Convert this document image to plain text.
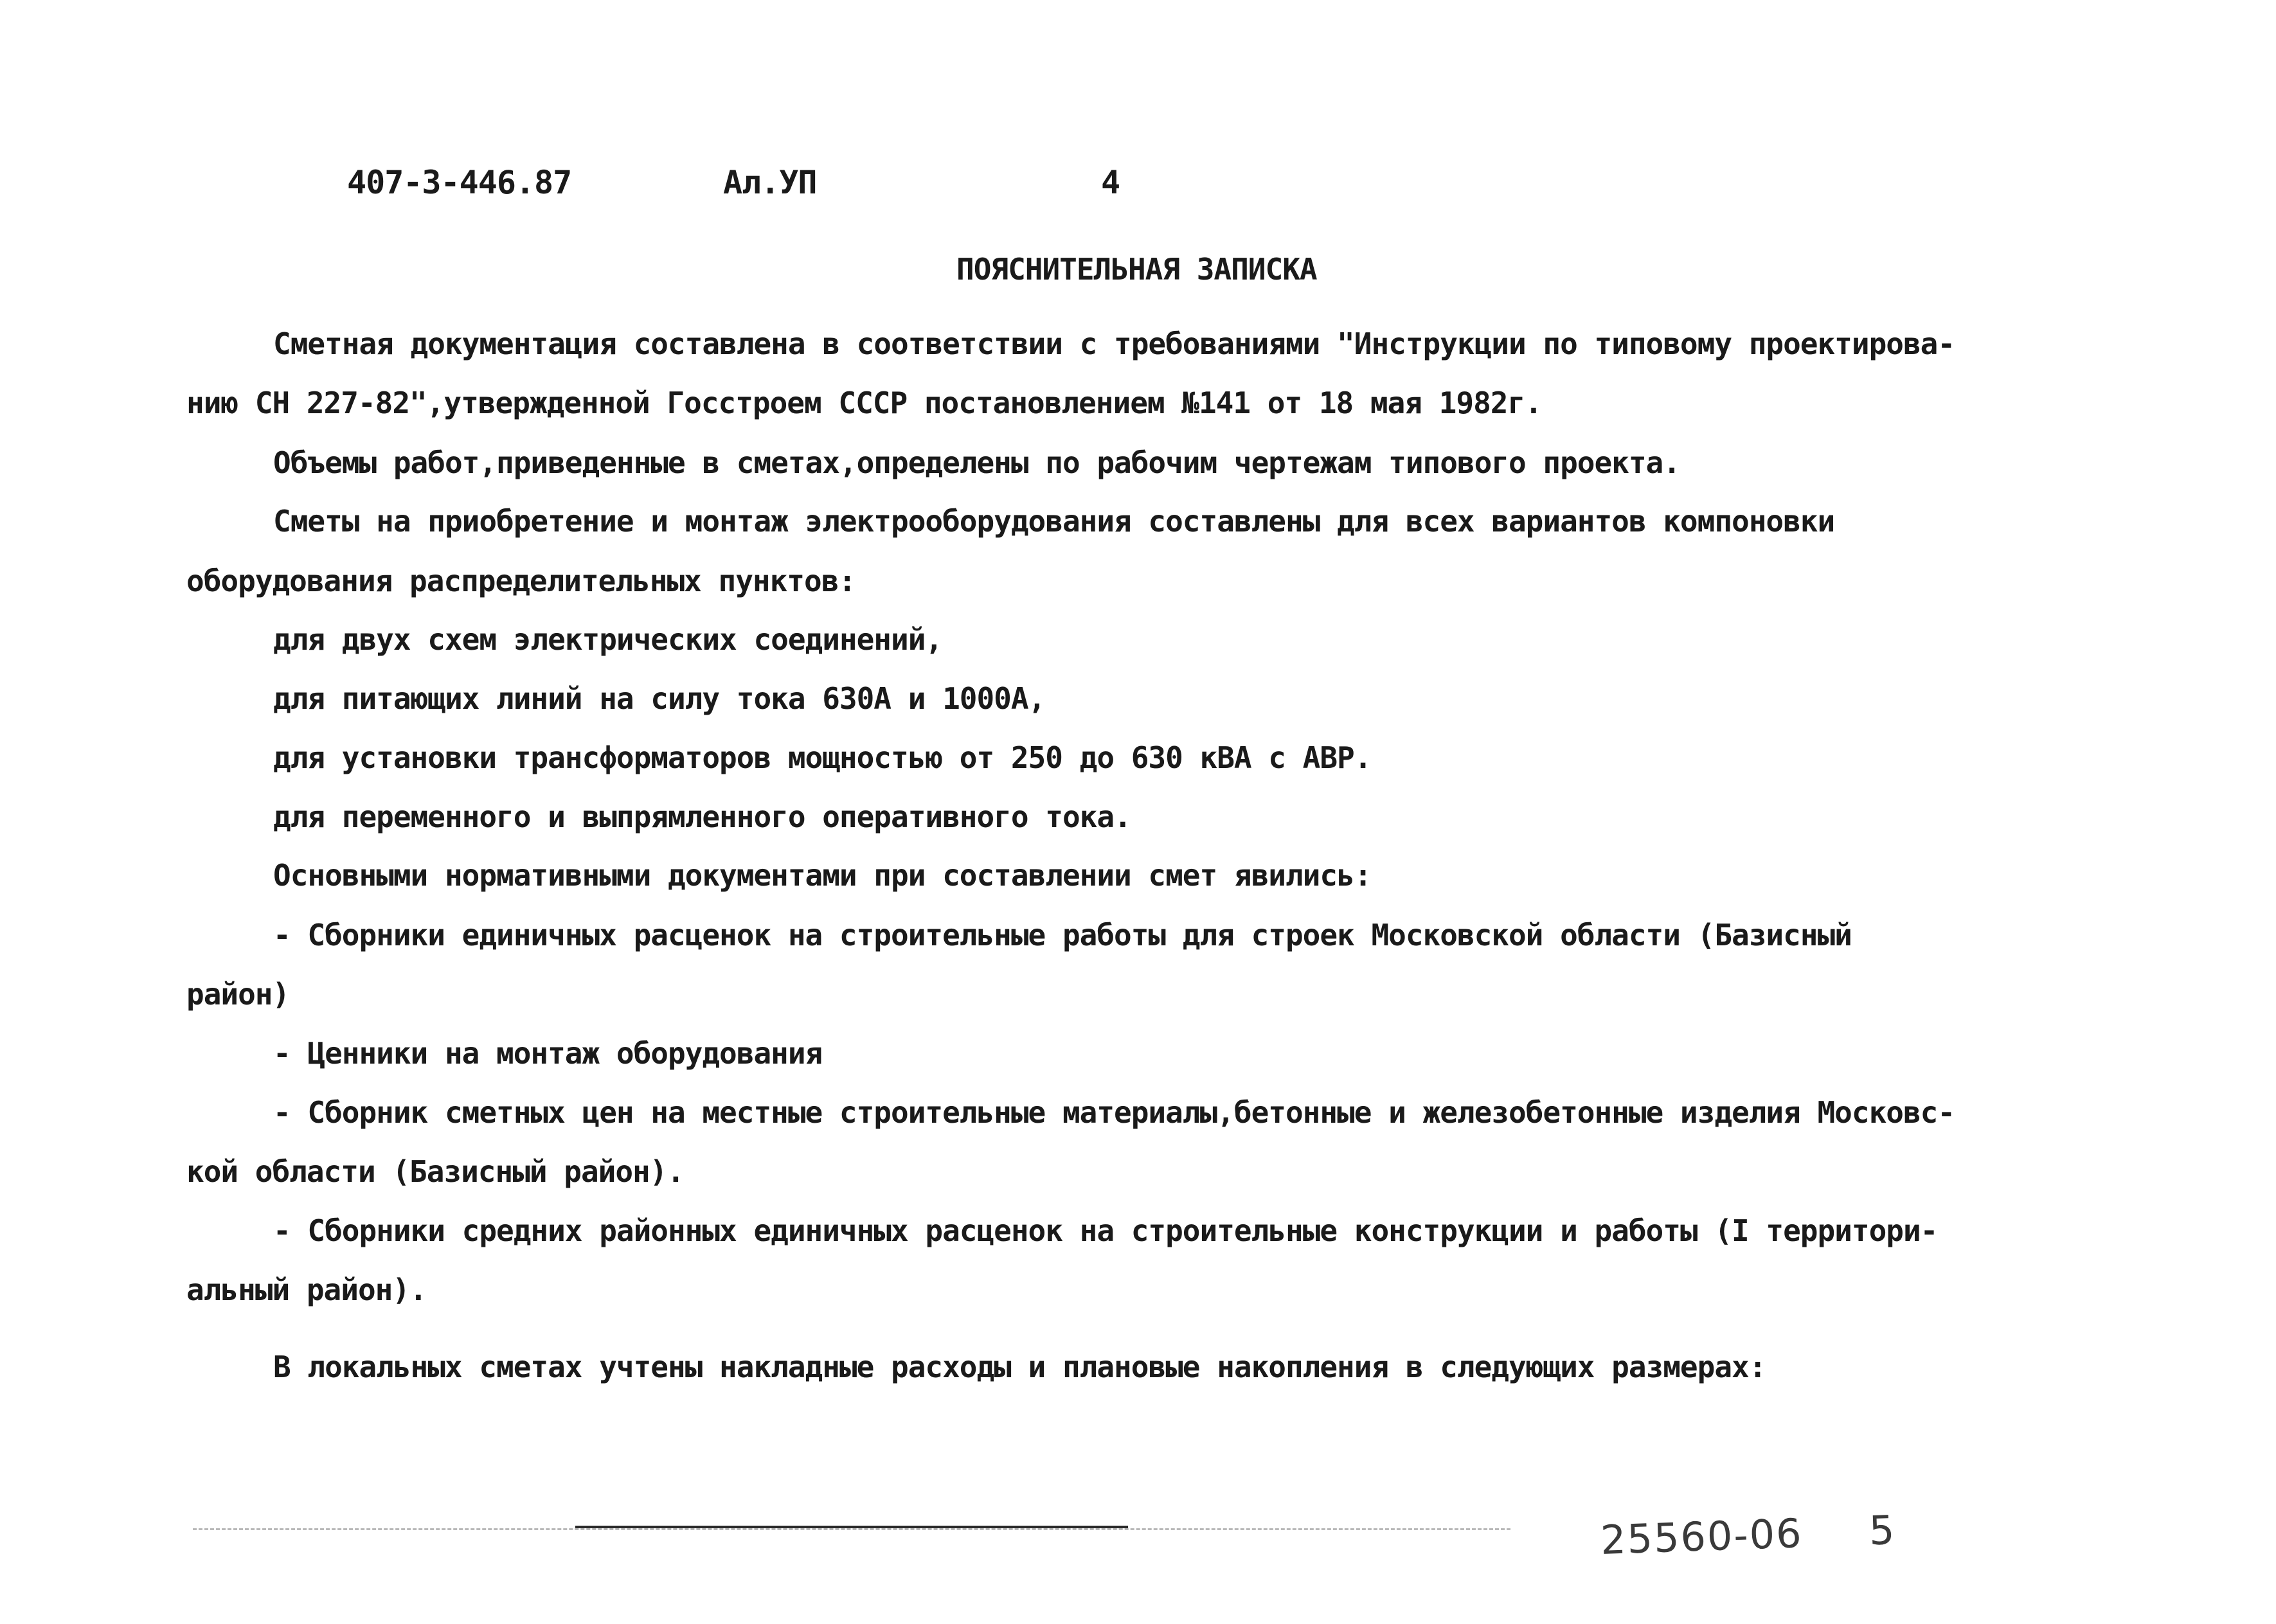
407-3-446.87	Ал.УП	4
ПОЯСНИТЕЛЬНАЯ ЗАПИСКА
Сметная документация составлена в соответствии с требованиями "Инструкции по типовому проектирова-
нию СН 227-82",утвержденной Госстроем СССР постановлением №141 от 18 мая 1982г.
Объемы работ,приведенные в сметах,определены по рабочим чертежам типового проекта.
Сметы на приобретение и монтаж электрооборудования составлены для всех вариантов компоновки
оборудования распределительных пунктов:
для двух схем электрических соединений,
для питающих линий на силу тока 630А и 1000А,
для установки трансформаторов мощностью от 250 до 630 кВА с АВР.
для переменного и выпрямленного оперативного тока.
Основными нормативными документами при составлении смет явились:
- Сборники единичных расценок на строительные работы для строек Московской области (Базисный
район)
- Ценники на монтаж оборудования
- Сборник сметных цен на местные строительные материалы,бетонные и железобетонные изделия Московс-
кой области (Базисный район).
- Сборники средних районных единичных расценок на строительные конструкции и работы (I территори-
альный район).
В локальных сметах учтены накладные расходы и плановые накопления в следующих размерах:
25560-06 5
